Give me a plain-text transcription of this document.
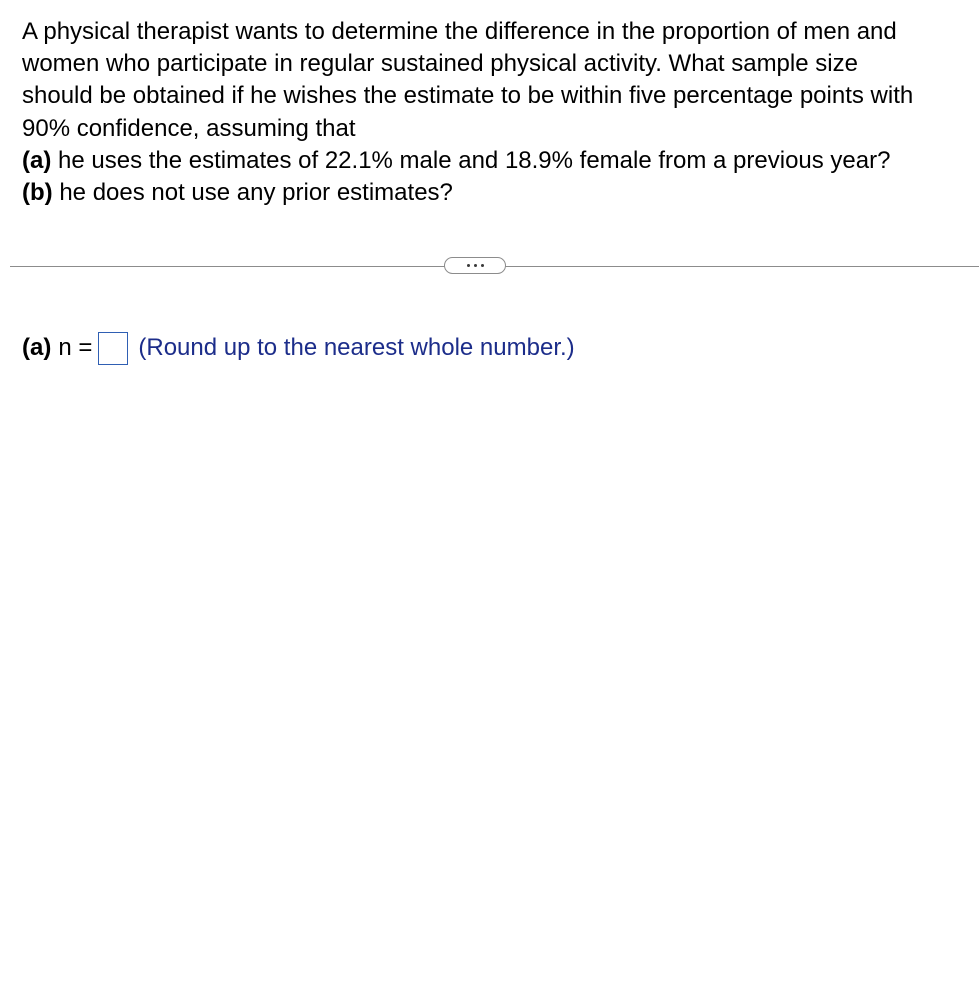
A physical therapist wants to determine the difference in the proportion of men and
women who participate in regular sustained physical activity. What sample size
should be obtained if he wishes the estimate to be within five percentage points with
90% confidence, assuming that
(a) he uses the estimates of 22.1% male and 18.9% female from a previous year?
(b) he does not use any prior estimates?
(a) n = (Round up to the nearest whole number.)
